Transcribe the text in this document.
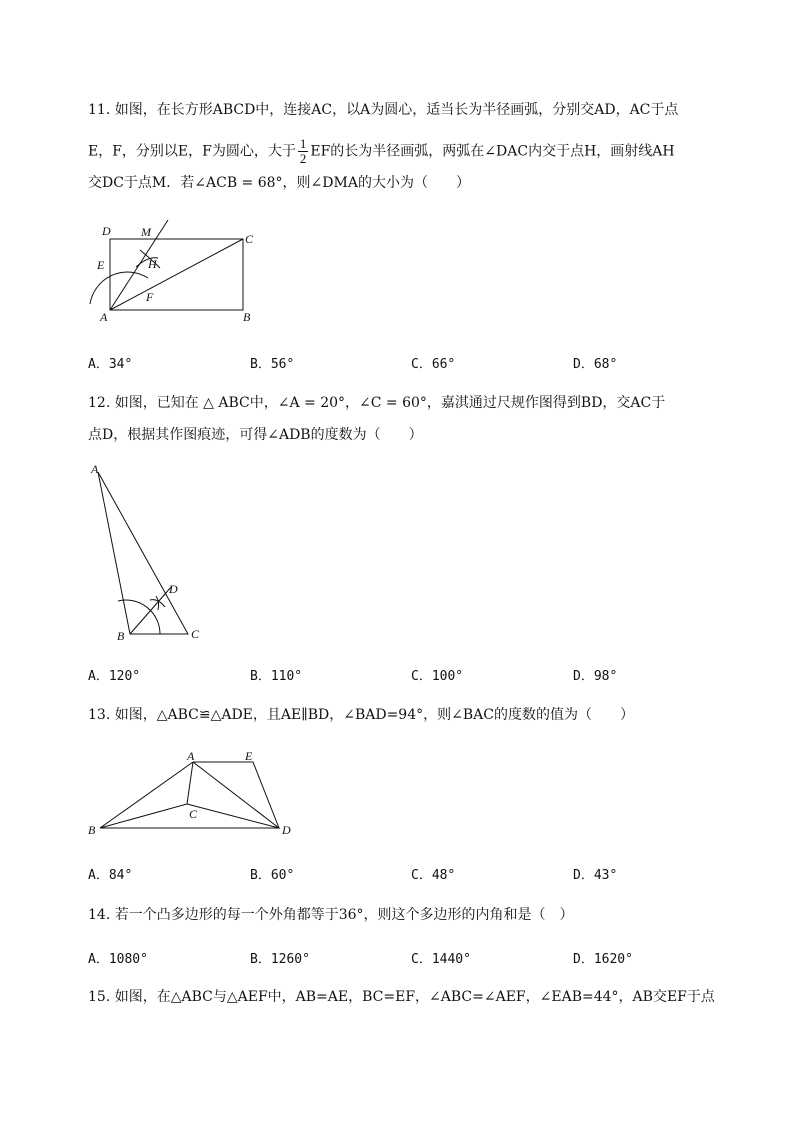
11. 如图，在长方形ABCD中，连接AC，以A为圆心，适当长为半径画弧，分别交AD，AC于点
E，F，分别以E，F为圆心，大于 $\frac{1}{2}$ EF的长为半径画弧，两弧在∠DAC内交于点H，画射线AH
交DC于点M．若∠ACB = 68°，则∠DMA的大小为（　　）
D	M	C
E	H
F
A	B
A．34°	B．56°	C．66°	D．68°
12. 如图，已知在 △ ABC中，∠A = 20°，∠C = 60°，嘉淇通过尺规作图得到BD，交AC于
点D，根据其作图痕迹，可得∠ADB的度数为（　　）
A
B	C
D
A．120°	B．110°	C．100°	D．98°
13. 如图，△ABC≌△ADE，且AE∥BD，∠BAD=94°，则∠BAC的度数的值为（　　）
A	E
B
C
D
A．84°	B．60°	C．48°	D．43°
14. 若一个凸多边形的每一个外角都等于36°，则这个多边形的内角和是（　）
A．1080°	B．1260°	C．1440°	D．1620°
15. 如图，在△ABC与△AEF中，AB=AE，BC=EF，∠ABC=∠AEF，∠EAB=44°，AB交EF于点
